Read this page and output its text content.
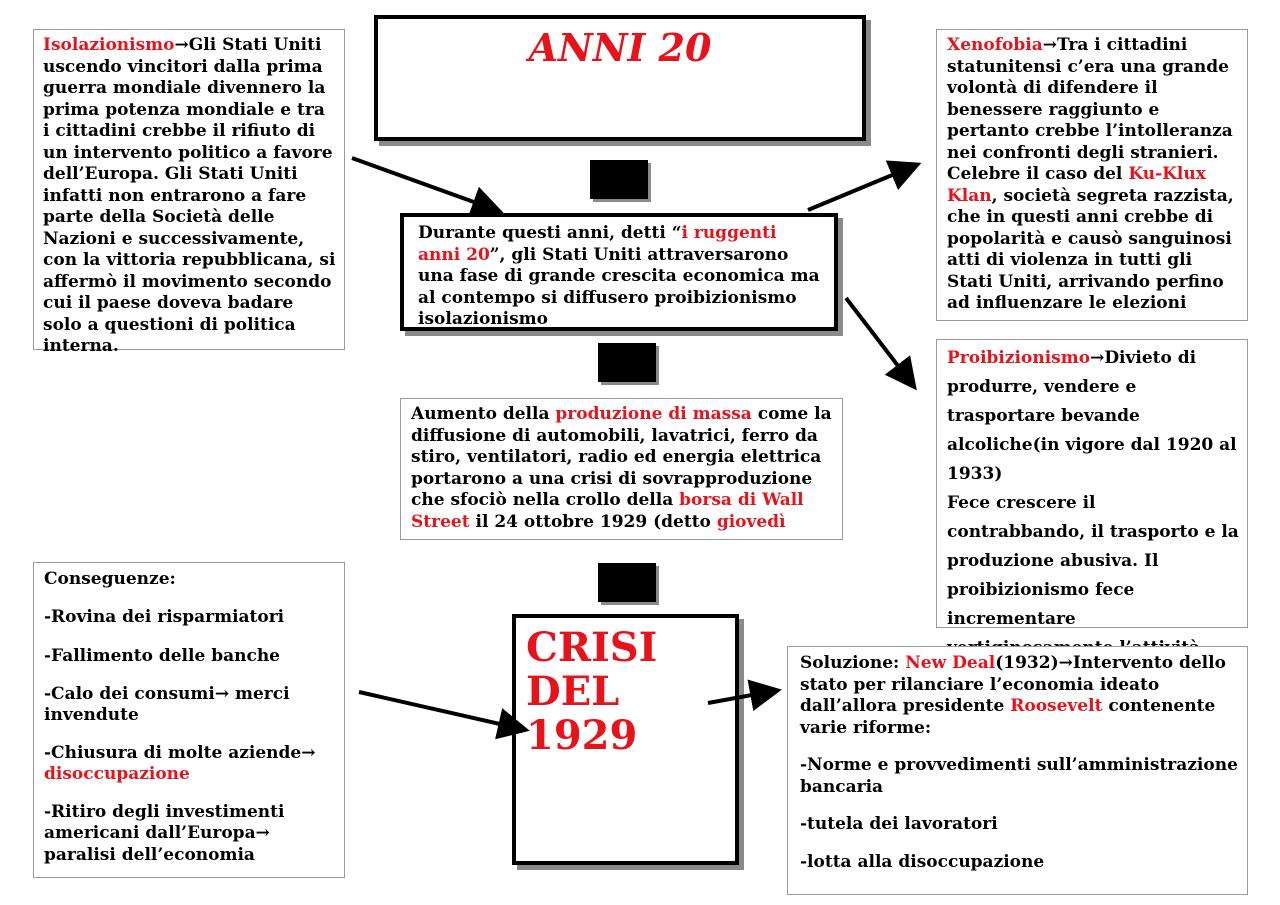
ANNI 20
Isolazionismo→Gli Stati Uniti uscendo vincitori dalla prima guerra mondiale divennero la prima potenza mondiale e tra i cittadini crebbe il rifiuto di un intervento politico a favore dell’Europa. Gli Stati Uniti infatti non entrarono a fare parte della Società delle Nazioni e successivamente, con la vittoria repubblicana, si affermò il movimento secondo cui il paese doveva badare solo a questioni di politica interna.
Xenofobia→Tra i cittadini statunitensi c’era una grande volontà di difendere il benessere raggiunto e pertanto crebbe l’intolleranza nei confronti degli stranieri. Celebre il caso del Ku-Klux Klan, società segreta razzista, che in questi anni crebbe di popolarità e causò sanguinosi atti di violenza in tutti gli Stati Uniti, arrivando perfino ad influenzare le elezioni
Durante questi anni, detti “i ruggenti anni 20”, gli Stati Uniti attraversarono una fase di grande crescita economica ma al contempo si diffusero proibizionismo isolazionismo

Proibizionismo→Divieto di produrre, vendere e trasportare bevande alcoliche(in vigore dal 1920 al 1933)

Fece crescere il contrabbando, il trasporto e la produzione abusiva. Il proibizionismo fece incrementare

Aumento della produzione di massa come la diffusione di automobili, lavatrici, ferro da stiro, ventilatori, radio ed energia elettrica portarono a una crisi di sovrapproduzione che sfociò nella crollo della borsa di Wall Street il 24 ottobre 1929 (detto giovedì

Conseguenze:

-Rovina dei risparmiatori

-Fallimento delle banche

-Calo dei consumi→ merci invendute

-Chiusura di molte aziende→ disoccupazione

-Ritiro degli investimenti americani dall’Europa→ paralisi dell’economia

CRISI DEL
1929

Soluzione: New Deal(1932)→Intervento dello stato per rilanciare l’economia ideato dall’allora presidente Roosevelt contenente varie riforme:

-Norme e provvedimenti sull’amministrazione bancaria

-tutela dei lavoratori

-lotta alla disoccupazione
